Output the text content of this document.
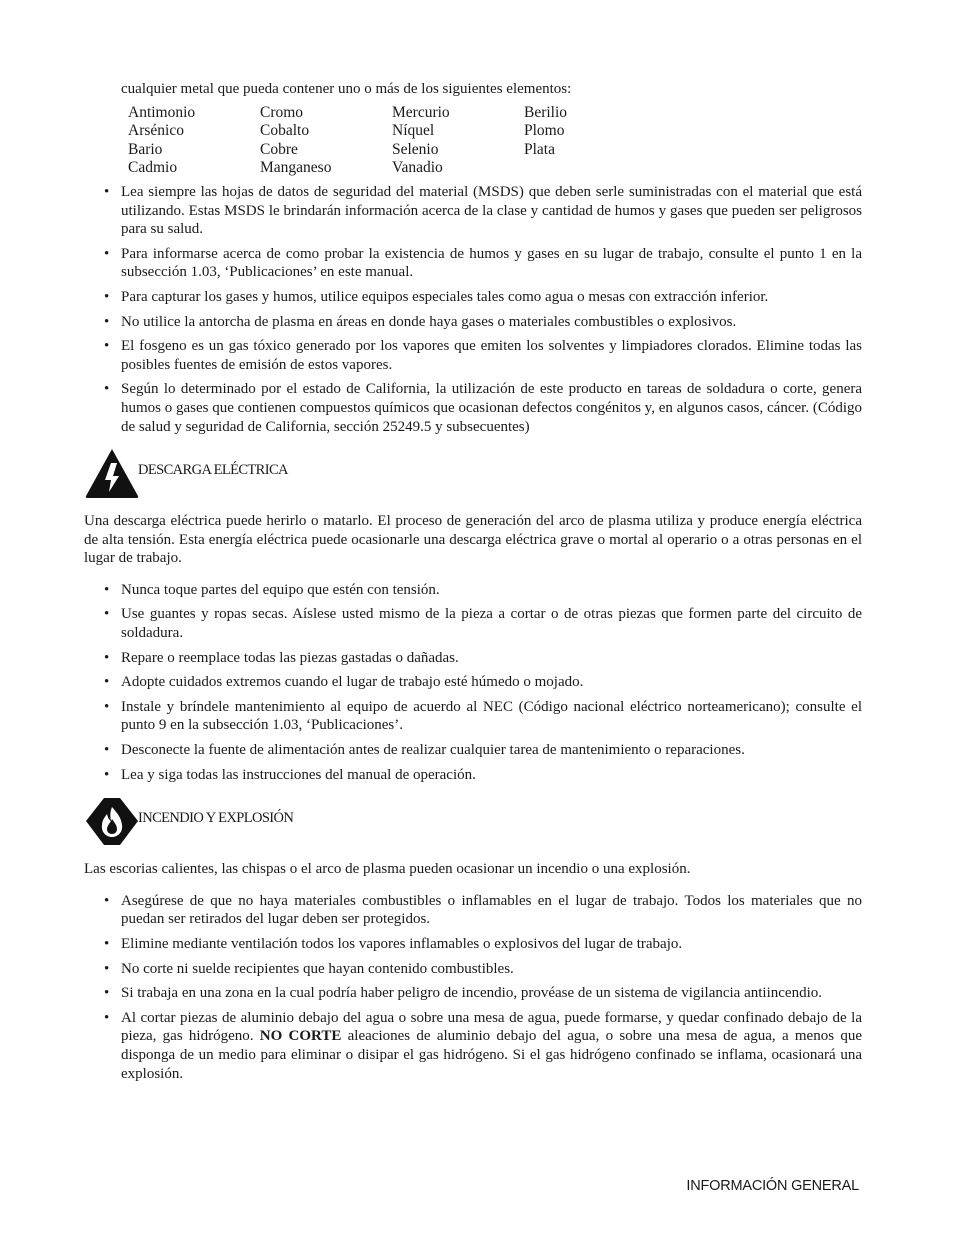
cualquier metal que pueda contener uno o más de los siguientes elementos:

Antimonio	Cromo	Mercurio	Berilio
Arsénico	Cobalto	Níquel	Plomo
Bario	Cobre	Selenio	Plata
Cadmio	Manganeso	Vanadio
• Lea siempre las hojas de datos de seguridad del material (MSDS) que deben serle suministradas con el material que está utilizando. Estas MSDS le brindarán información acerca de la clase y cantidad de humos y gases que pueden ser peligrosos para su salud.
• Para informarse acerca de como probar la existencia de humos y gases en su lugar de trabajo, consulte el punto 1 en la subsección 1.03, ‘Publicaciones’ en este manual.
• Para capturar los gases y humos, utilice equipos especiales tales como agua o mesas con extracción inferior.
• No utilice la antorcha de plasma en áreas en donde haya gases o materiales combustibles o explosivos.
• El fosgeno es un gas tóxico generado por los vapores que emiten los solventes y limpiadores clorados. Elimine todas las posibles fuentes de emisión de estos vapores.
• Según lo determinado por el estado de California, la utilización de este producto en tareas de soldadura o corte, genera humos o gases que contienen compuestos químicos que ocasionan defectos congénitos y, en algunos casos, cáncer. (Código de salud y seguridad de California, sección 25249.5 y subsecuentes)
DESCARGA ELÉCTRICA

Una descarga eléctrica puede herirlo o matarlo. El proceso de generación del arco de plasma utiliza y produce energía eléctrica de alta tensión. Esta energía eléctrica puede ocasionarle una descarga eléctrica grave o mortal al operario o a otras personas en el lugar de trabajo.

• Nunca toque partes del equipo que estén con tensión.
• Use guantes y ropas secas. Aíslese usted mismo de la pieza a cortar o de otras piezas que formen parte del circuito de soldadura.
• Repare o reemplace todas las piezas gastadas o dañadas.
• Adopte cuidados extremos cuando el lugar de trabajo esté húmedo o mojado.
• Instale y bríndele mantenimiento al equipo de acuerdo al NEC (Código nacional eléctrico norteamericano); consulte el punto 9 en la subsección 1.03, ‘Publicaciones’.
• Desconecte la fuente de alimentación antes de realizar cualquier tarea de mantenimiento o reparaciones.
• Lea y siga todas las instrucciones del manual de operación.
INCENDIO Y EXPLOSIÓN

Las escorias calientes, las chispas o el arco de plasma pueden ocasionar un incendio o una explosión.

• Asegúrese de que no haya materiales combustibles o inflamables en el lugar de trabajo. Todos los materiales que no puedan ser retirados del lugar deben ser protegidos.
• Elimine mediante ventilación todos los vapores inflamables o explosivos del lugar de trabajo.
• No corte ni suelde recipientes que hayan contenido combustibles.
• Si trabaja en una zona en la cual podría haber peligro de incendio, provéase de un sistema de vigilancia antiincendio.
• Al cortar piezas de aluminio debajo del agua o sobre una mesa de agua, puede formarse, y quedar confinado debajo de la pieza, gas hidrógeno. NO CORTE aleaciones de aluminio debajo del agua, o sobre una mesa de agua, a menos que disponga de un medio para eliminar o disipar el gas hidrógeno. Si el gas hidrógeno confinado se inflama, ocasionará una explosión.
INFORMACIÓN GENERAL
